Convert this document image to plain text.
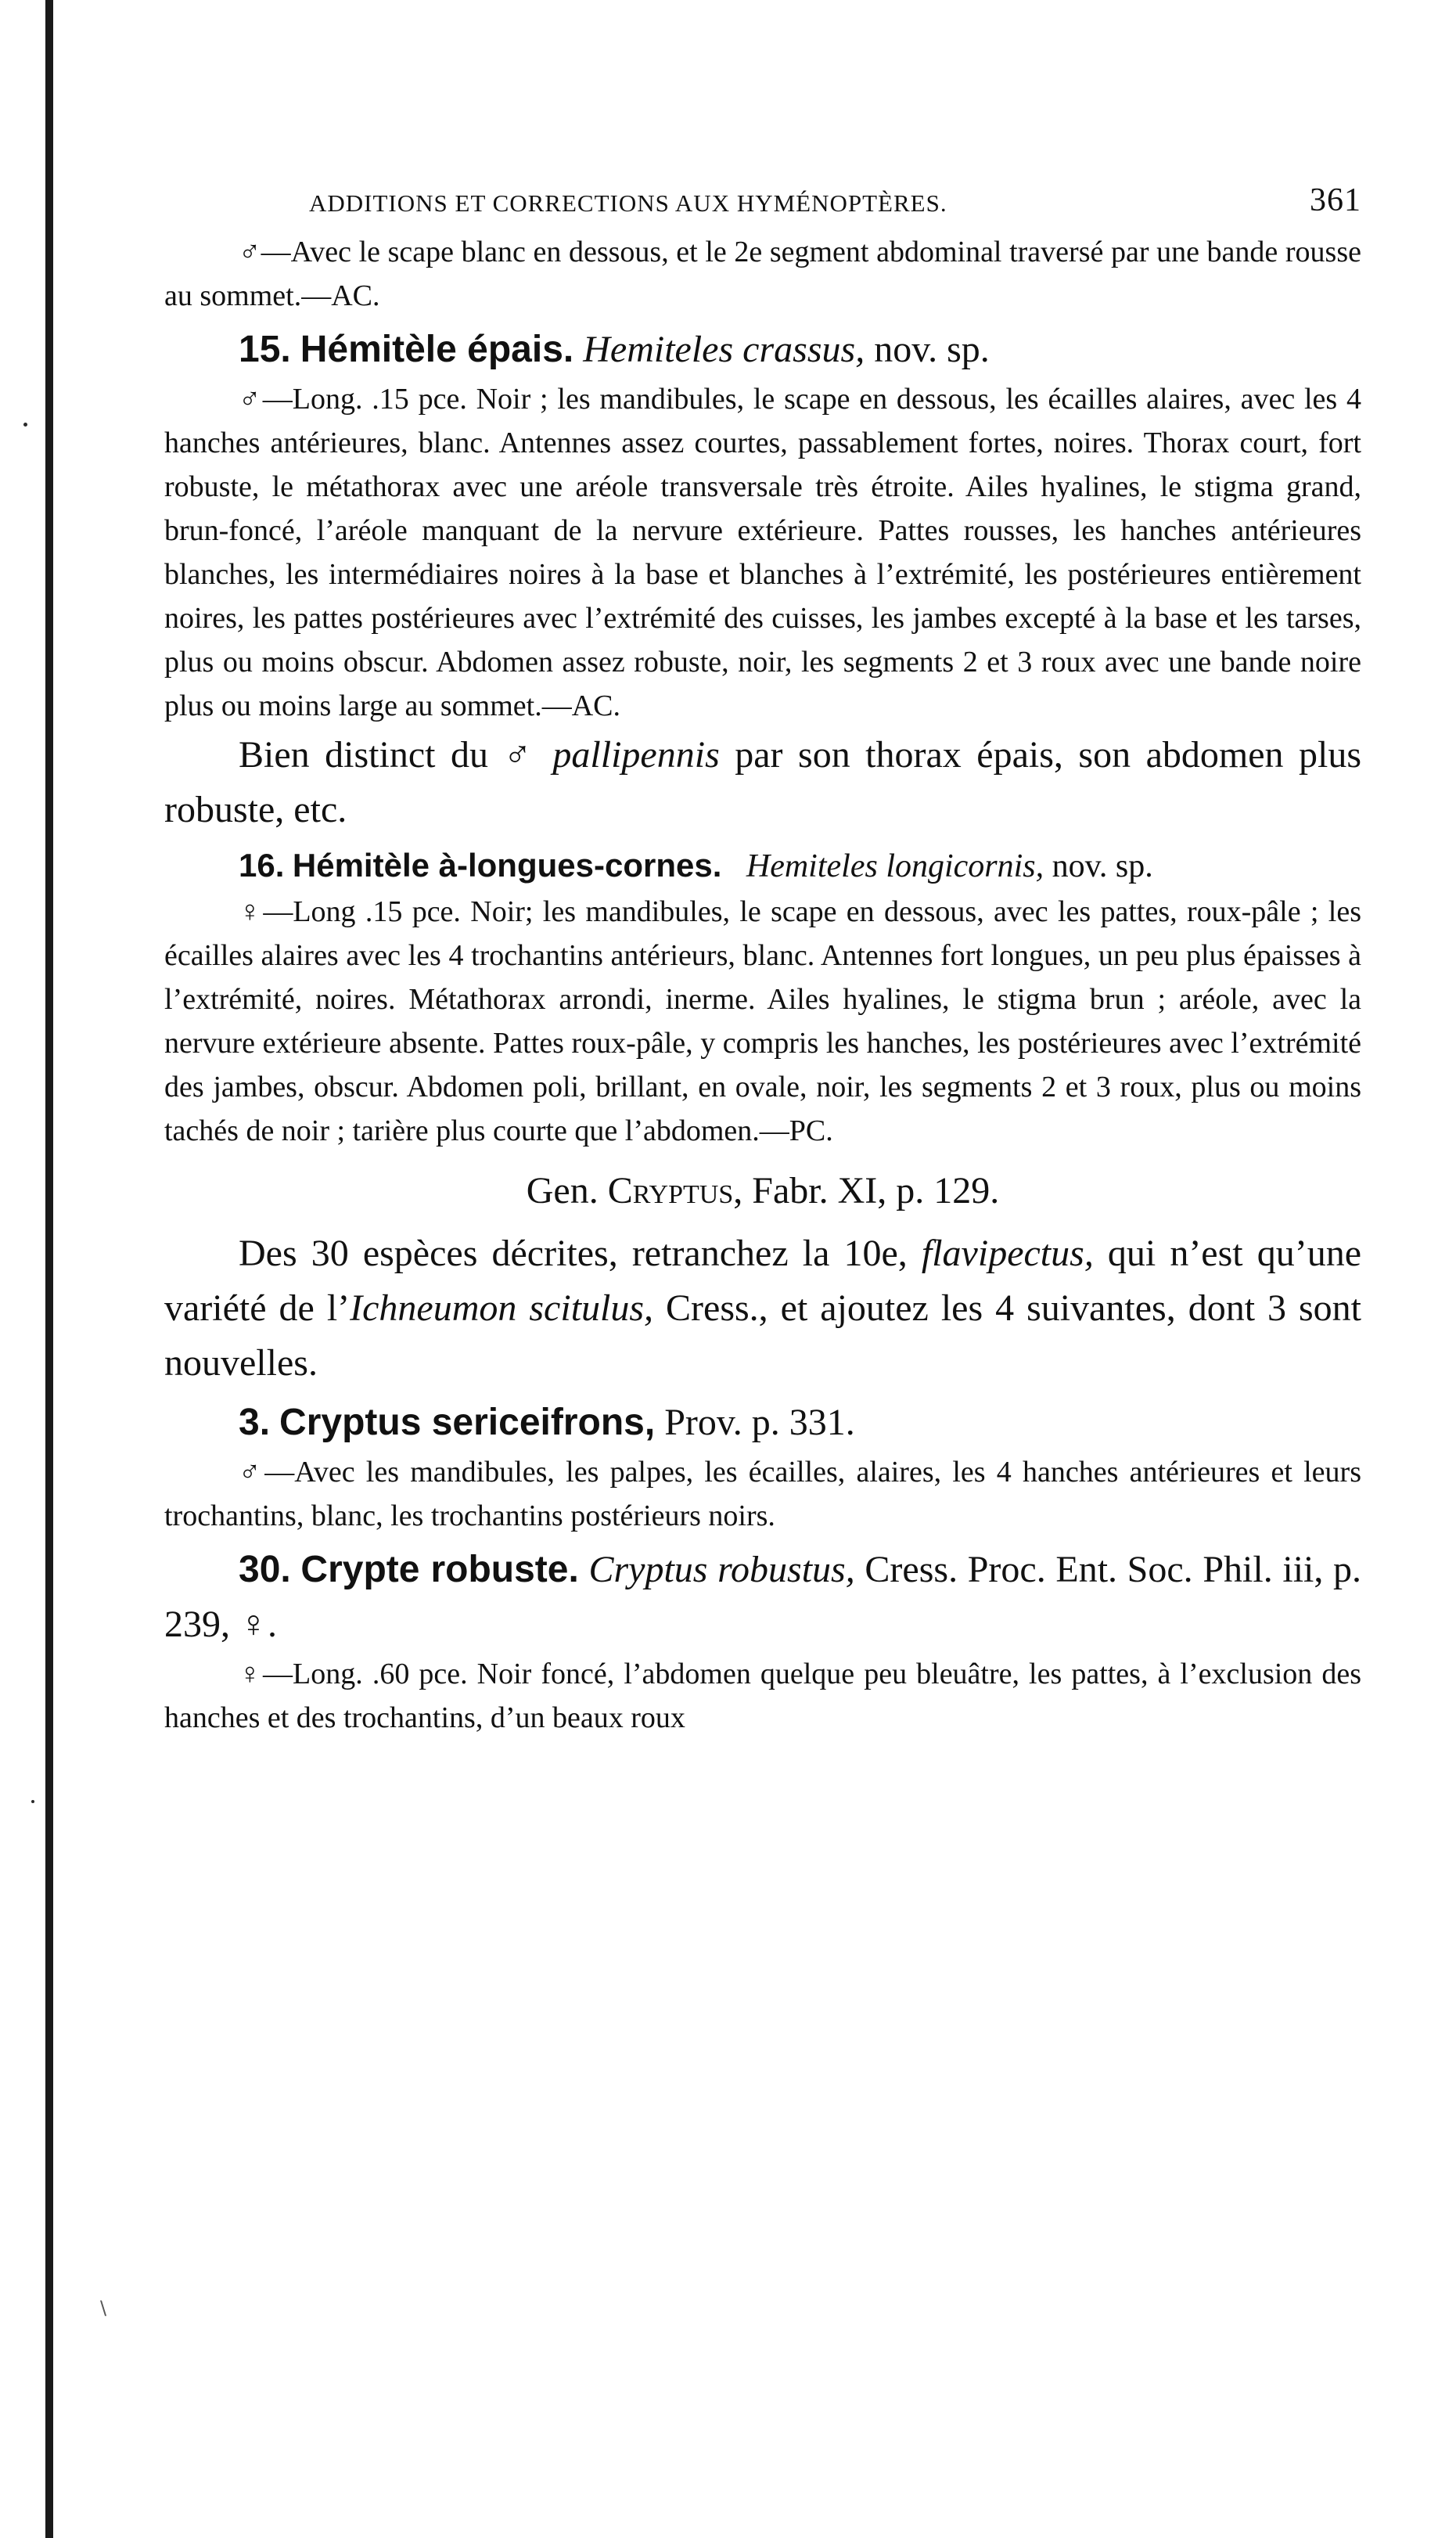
\
ADDITIONS ET CORRECTIONS AUX HYMÉNOPTÈRES.	361

♂—Avec le scape blanc en dessous, et le 2e segment abdominal traversé par une bande rousse au sommet.—AC.

15. Hémitèle épais. Hemiteles crassus, nov. sp.

♂—Long. .15 pce. Noir ; les mandibules, le scape en dessous, les écailles alaires, avec les 4 hanches antérieures, blanc. Antennes assez courtes, passablement fortes, noires. Thorax court, fort robuste, le métathorax avec une aréole transversale très étroite. Ailes hyalines, le stigma grand, brun-foncé, l’aréole manquant de la nervure extérieure. Pattes rousses, les hanches antérieures blanches, les intermédiaires noires à la base et blanches à l’extrémité, les postérieures entièrement noires, les pattes postérieures avec l’extrémité des cuisses, les jambes excepté à la base et les tarses, plus ou moins obscur. Abdomen assez robuste, noir, les segments 2 et 3 roux avec une bande noire plus ou moins large au sommet.—AC.

Bien distinct du ♂ pallipennis par son thorax épais, son abdomen plus robuste, etc.

16. Hémitèle à-longues-cornes. Hemiteles longicornis, nov. sp.

♀—Long .15 pce. Noir; les mandibules, le scape en dessous, avec les pattes, roux-pâle ; les écailles alaires avec les 4 trochantins antérieurs, blanc. Antennes fort longues, un peu plus épaisses à l’extrémité, noires. Métathorax arrondi, inerme. Ailes hyalines, le stigma brun ; aréole, avec la nervure extérieure absente. Pattes roux-pâle, y compris les hanches, les postérieures avec l’extrémité des jambes, obscur. Abdomen poli, brillant, en ovale, noir, les segments 2 et 3 roux, plus ou moins tachés de noir ; tarière plus courte que l’abdomen.—PC.

Gen. Cryptus, Fabr. XI, p. 129.

Des 30 espèces décrites, retranchez la 10e, flavipectus, qui n’est qu’une variété de l’Ichneumon scitulus, Cress., et ajoutez les 4 suivantes, dont 3 sont nouvelles.

3. Cryptus sericeifrons, Prov. p. 331.

♂—Avec les mandibules, les palpes, les écailles, alaires, les 4 hanches antérieures et leurs trochantins, blanc, les trochantins postérieurs noirs.

30. Crypte robuste. Cryptus robustus, Cress. Proc. Ent. Soc. Phil. iii, p. 239, ♀.

♀—Long. .60 pce. Noir foncé, l’abdomen quelque peu bleuâtre, les pattes, à l’exclusion des hanches et des trochantins, d’un beaux roux
